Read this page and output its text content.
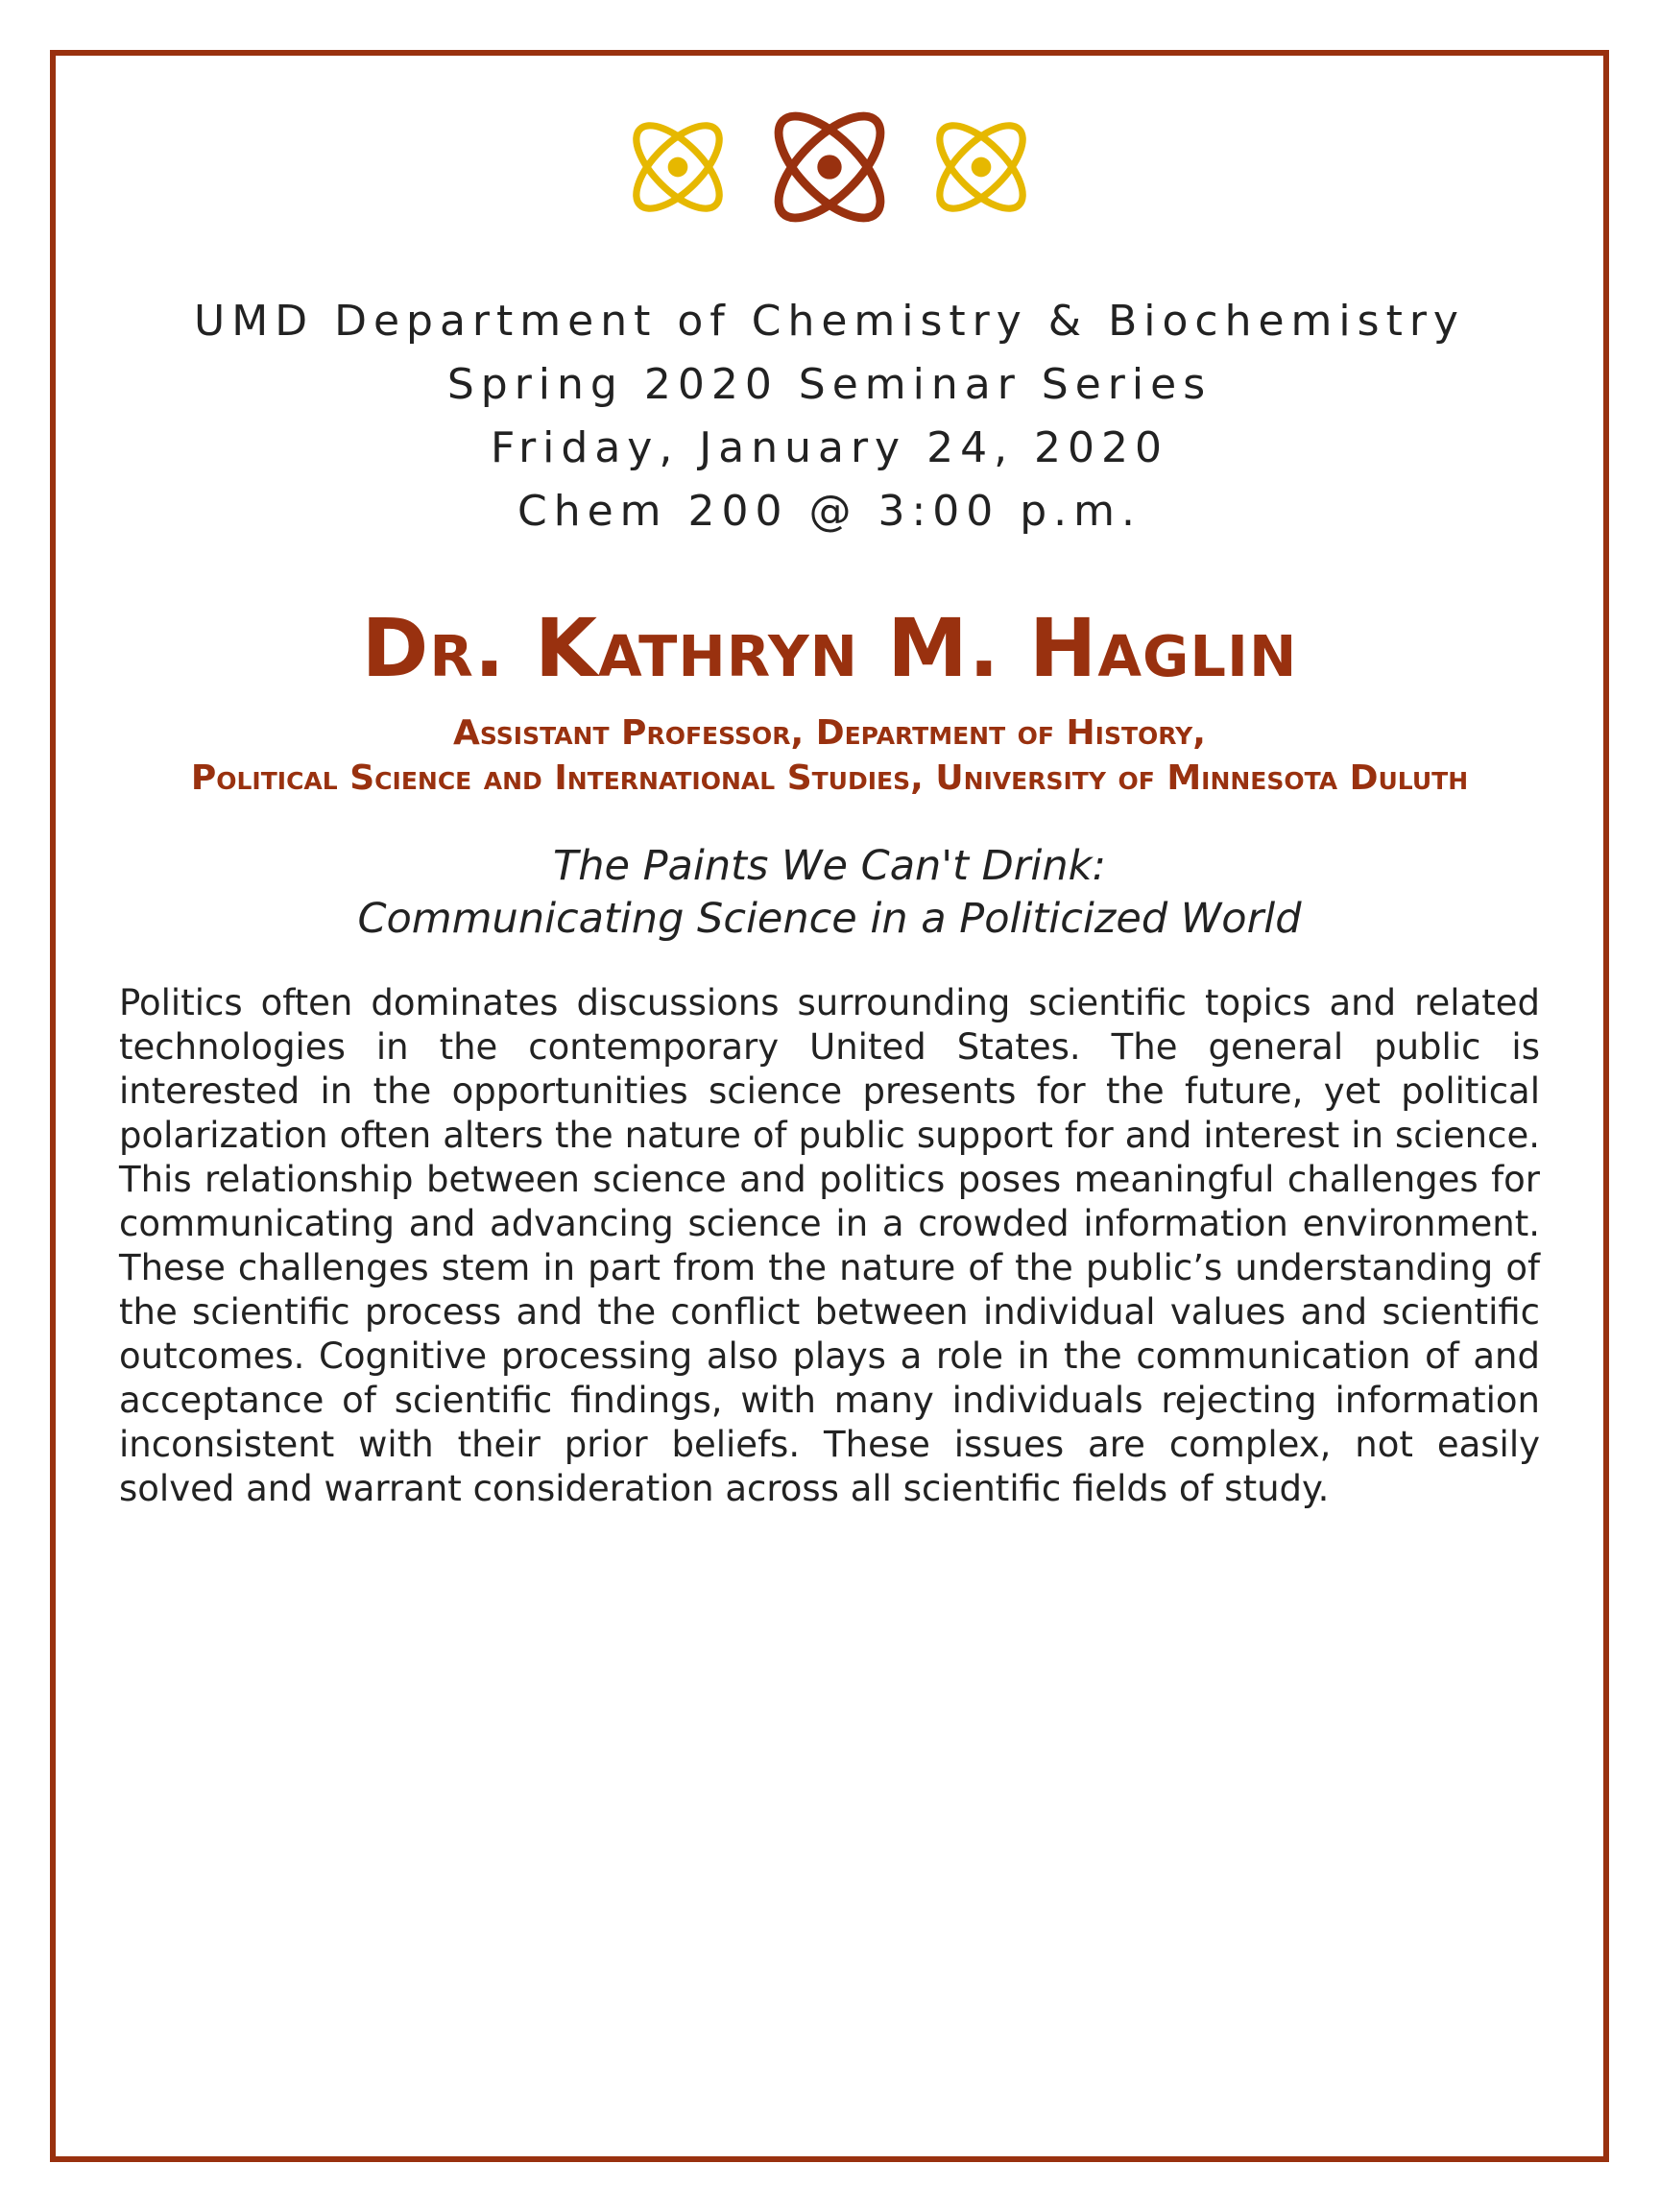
UMD Department of Chemistry & Biochemistry
Spring 2020 Seminar Series
Friday, January 24, 2020
Chem 200 @ 3:00 p.m.
Dr. Kathryn M. Haglin
Assistant Professor, Department of History,
Political Science and International Studies, University of Minnesota Duluth
The Paints We Can't Drink:
Communicating Science in a Politicized World

Politics often dominates discussions surrounding scientific topics and related technologies in the contemporary United States. The general public is interested in the opportunities science presents for the future, yet political polarization often alters the nature of public support for and interest in science. This relationship between science and politics poses meaningful challenges for communicating and advancing science in a crowded information environment. These challenges stem in part from the nature of the public’s understanding of the scientific process and the conflict between individual values and scientific outcomes. Cognitive processing also plays a role in the communication of and acceptance of scientific findings, with many individuals rejecting information inconsistent with their prior beliefs. These issues are complex, not easily solved and warrant consideration across all scientific fields of study.
